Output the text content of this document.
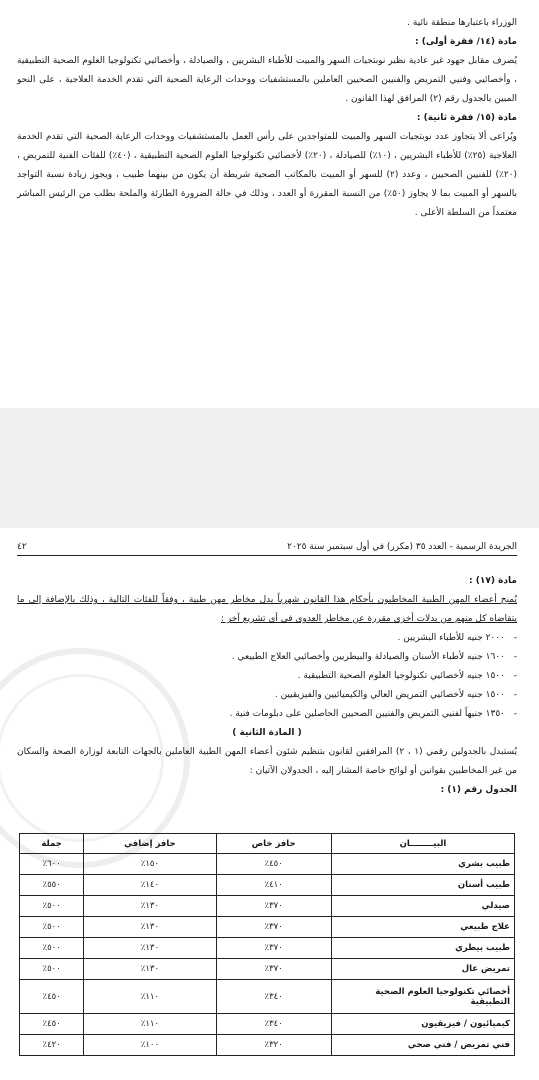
الوزراء باعتبارها منطقة نائية .

مادة (١٤/ فقرة أولى) :

يُصرف مقابل جهود غير عادية نظير نوبتجيات السهر والمبيت للأطباء البشريين ، والصيادلة ، وأخصائيي تكنولوجيا العلوم الصحية التطبيقية ، وأخصائيي وفنيي التمريض والفنيين الصحيين العاملين بالمستشفيات ووحدات الرعاية الصحية التي تقدم الخدمة العلاجية ، على النحو المبين بالجدول رقم (٢) المرافق لهذا القانون .

مادة (١٥/ فقرة ثانية) :

ويُراعى ألا يتجاوز عدد نوبتجيات السهر والمبيت للمتواجدين على رأس العمل بالمستشفيات ووحدات الرعاية الصحية التي تقدم الخدمة العلاجية (٢٥٪) للأطباء البشريين ، (١٠٪) للصيادلة ، (٢٠٪) لأخصائيي تكنولوجيا العلوم الصحية التطبيقية ، (٤٠٪) للفئات الفنية للتمريض ، (٢٠٪) للفنيين الصحيين ، وعدد (٢) للسهر أو المبيت بالمكاتب الصحية شريطة أن يكون من بينهما طبيب ، ويجوز زيادة نسبة التواجد بالسهر أو المبيت بما لا يجاوز (٥٠٪) من النسبة المقررة أو العدد ، وذلك في حالة الضرورة الطارئة والملحة بطلب من الرئيس المباشر معتمداً من السلطة الأعلى .

الجريدة الرسمية - العدد ٣٥ (مكرر) في أول سبتمبر سنة ٢٠٢٥
٤٢

مادة (١٧) :

يُمنح أعضاء المهن الطبية المخاطبون بأحكام هذا القانون شهرياً بدل مخاطر مهن طبية ، وفقاً للفئات التالية ، وذلك بالإضافة إلى ما يتقاضاه كل منهم من بدلات أخرى مقررة عن مخاطر العدوى في أي تشريع آخر :

- ٢٠٠٠ جنيه للأطباء البشريين .
- ١٦٠٠ جنيه لأطباء الأسنان والصيادلة والبيطريين وأخصائيي العلاج الطبيعي .
- ١٥٠٠ جنيه لأخصائيي تكنولوجيا العلوم الصحية التطبيقية .
- ١٥٠٠ جنيه لأخصائيي التمريض العالي والكيميائيين والفيزيقيين .
- ١٣٥٠ جنيهاً لفنيي التمريض والفنيين الصحيين الحاصلين على دبلومات فنية .

( المادة الثانية )

يُستبدل بالجدولين رقمي (١ ، ٢) المرافقين لقانون بتنظيم شئون أعضاء المهن الطبية العاملين بالجهات التابعة لوزارة الصحة والسكان من غير المخاطبين بقوانين أو لوائح خاصة المشار إليه ، الجدولان الآتيان :

الجدول رقم (١) :

البيــــــــان	حافز خاص	حافز إضافي	جملة
طبيب بشري	٤٥٠٪	١٥٠٪	٦٠٠٪
طبيب أسنان	٤١٠٪	١٤٠٪	٥٥٠٪
صيدلي	٣٧٠٪	١٣٠٪	٥٠٠٪
علاج طبيعي	٣٧٠٪	١٣٠٪	٥٠٠٪
طبيب بيطري	٣٧٠٪	١٣٠٪	٥٠٠٪
تمريض عال	٣٧٠٪	١٣٠٪	٥٠٠٪
أخصائي تكنولوجيا العلوم الصحية التطبيقية	٣٤٠٪	١١٠٪	٤٥٠٪
كيميائيون / فيزيقيون	٣٤٠٪	١١٠٪	٤٥٠٪
فني تمريض / فني صحي	٣٢٠٪	١٠٠٪	٤٢٠٪
